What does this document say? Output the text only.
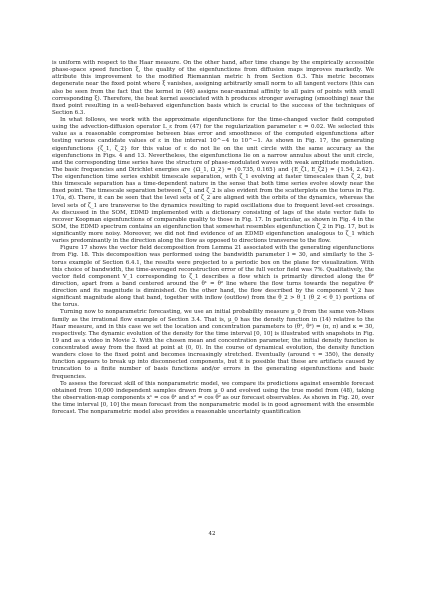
is uniform with respect to the Haar measure. On the other hand, after time change by the empirically accessible phase-space speed function ξ, the quality of the eigenfunctions from diffusion maps improves markedly. We attribute this improvement to the modified Riemannian metric h from Section 6.3. This metric becomes degenerate near the fixed point where ξ vanishes, assigning arbitrarily small norm to all tangent vectors (this can also be seen from the fact that the kernel in (46) assigns near-maximal affinity to all pairs of points with small corresponding ξ). Therefore, the heat kernel associated with h produces stronger averaging (smoothing) near the fixed point resulting in a well-behaved eigenfunction basis which is crucial to the success of the techniques of Section 6.3.

In what follows, we work with the approximate eigenfunctions for the time-changed vector field computed using the advection-diffusion operator L_ε from (47) for the regularization parameter ε = 0.02. We selected this value as a reasonable compromise between bias error and smoothness of the computed eigenfunctions after testing various candidate values of ε in the interval 10^−4 to 10^−1. As shown in Fig. 17, the generating eigenfunctions {ζ_1, ζ_2} for this value of ε do not lie on the unit circle with the same accuracy as the eigenfunctions in Figs. 4 and 13. Nevertheless, the eigenfunctions lie on a narrow annulus about the unit circle, and the corresponding time series have the structure of phase-modulated waves with weak amplitude modulation. The basic frequencies and Dirichlet energies are {Ω_1, Ω_2} = {0.735, 0.165} and {E_ζ1, E_ζ2} = {1.54, 2.42}. The eigenfunction time series exhibit timescale separation, with ζ_1 evolving at faster timescales than ζ_2, but this timescale separation has a time-dependent nature in the sense that both time series evolve slowly near the fixed point. The timescale separation between ζ_1 and ζ_2 is also evident from the scatterplots on the torus in Fig. 17(a, d). There, it can be seen that the level sets of ζ_2 are aligned with the orbits of the dynamics, whereas the level sets of ζ_1 are transverse to the dynamics resulting to rapid oscillations due to frequent level-set crossings. As discussed in the SOM, EDMD implemented with a dictionary consisting of lags of the state vector fails to recover Koopman eigenfunctions of comparable quality to those in Fig. 17. In particular, as shown in Fig. 4 in the SOM, the EDMD spectrum contains an eigenfunction that somewhat resembles eigenfunction ζ_2 in Fig. 17, but is significantly more noisy. Moreover, we did not find evidence of an EDMD eigenfunction analogous to ζ_1 which varies predominantly in the direction along the flow as opposed to directions transverse to the flow.

Figure 17 shows the vector field decomposition from Lemma 21 associated with the generating eigenfunctions from Fig. 18. This decomposition was performed using the bandwidth parameter l = 30, and similarly to the 3-torus example of Section 6.4.1, the results were projected to a periodic box on the plane for visualization. With this choice of bandwidth, the time-averaged reconstruction error of the full vector field was 7%. Qualitatively, the vector field component V_1 corresponding to ζ_1 describes a flow which is primarily directed along the θ² direction, apart from a band centered around the θ¹ = θ² line where the flow turns towards the negative θ¹ direction and its magnitude is diminished. On the other hand, the flow described by the component V_2 has significant magnitude along that band, together with inflow (outflow) from the θ_2 > θ_1 (θ_2 < θ_1) portions of the torus.

Turning now to nonparametric forecasting, we use an initial probability measure μ_0 from the same von-Mises family as the irrational flow example of Section 3.4. That is, μ_0 has the density function in (14) relative to the Haar measure, and in this case we set the location and concentration parameters to (θ¹, θ²) = (π, π) and κ = 30, respectively. The dynamic evolution of the density for the time interval [0, 10] is illustrated with snapshots in Fig. 19 and as a video in Movie 2. With the chosen mean and concentration parameter, the initial density function is concentrated away from the fixed at point at (0, 0). In the course of dynamical evolution, the density function wanders close to the fixed point and becomes increasingly stretched. Eventually (around τ = 350), the density function appears to break up into disconnected components, but it is possible that these are artifacts caused by truncation to a finite number of basis functions and/or errors in the generating eigenfunctions and basic frequencies.

To assess the forecast skill of this nonparametric model, we compare its predictions against ensemble forecast obtained from 10,000 independent samples drawn from μ_0 and evolved using the true model from (48), taking the observation-map components x¹ = cos θ¹ and x² = cos θ² as our forecast observables. As shown in Fig. 20, over the time interval [0, 10] the mean forecast from the nonparametric model is in good agreement with the ensemble forecast. The nonparametric model also provides a reasonable uncertainty quantification

42
